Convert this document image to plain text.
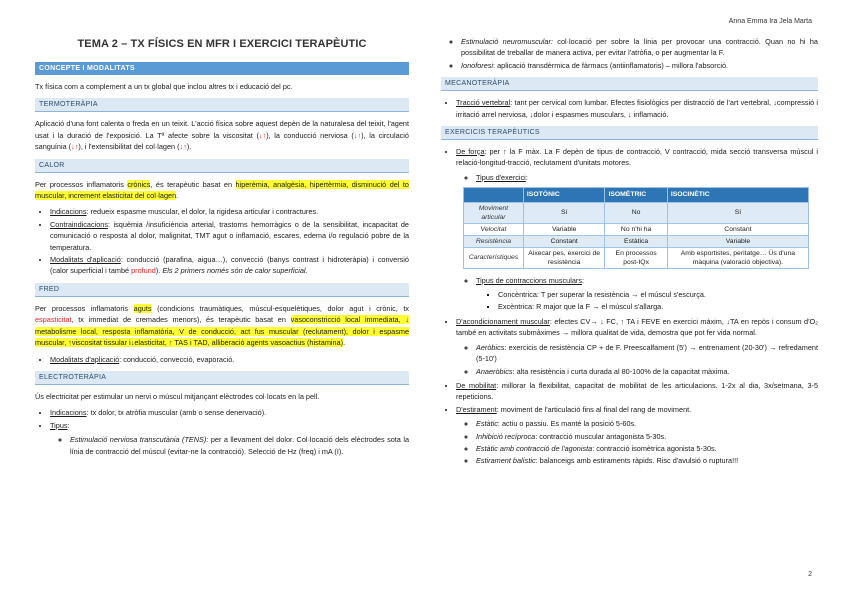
Anna Emma Ira Jela Marta
TEMA 2 – TX FÍSICS EN MFR I EXERCICI TERAPÈUTIC
CONCEPTE I MODALITATS

Tx física com a complement a un tx global que inclou altres tx i educació del pc.

TERMOTERÀPIA

Aplicació d'una font calenta o freda en un teixit. L'acció física sobre aquest depèn de la naturalesa del teixit, l'agent usat i la duració de l'exposició. La Tª afecte sobre la viscositat (↓↑), la conducció nerviosa (↓↑), la circulació sanguínia (↓↑), i l'extensibilitat del col·lagen (↓↑).

CALOR

Per processos inflamatoris crònics, és terapèutic basat en hiperèmia, analgèsia, hipertèrmia, disminució del to muscular, increment elasticitat del col·lagen.

• Indicacions: redueix espasme muscular, el dolor, la rigidesa articular i contractures.
• Contraindicacions: isquèmia /insuficiència arterial, trastorns hemorràgics o de la sensibilitat, incapacitat de comunicació o resposta al dolor, malignitat, TMT agut o inflamació, escares, edema i/o regulació pobre de la temperatura.
• Modalitats d'aplicació: conducció (parafina, aigua…), convecció (banys contrast i hidroteràpia) i conversió (calor superficial i també profund). Els 2 primers només són de calor superficial.
FRED

Per processos inflamatoris aguts (condicions traumàtiques, múscul-esquelètiques, dolor agut i crònic, tx espasticitat, tx immediat de cremades menors), és terapèutic basat en vasoconstricció local immediata, ↓ metabolisme local, resposta inflamatòria, V de conducció, act fus muscular (reclutament), dolor i espasme muscular, ↑viscositat tissular i↓elasticitat, ↑ TAS i TAD, alliberació agents vasoactius (histamina).

• Modalitats d'aplicació: conducció, convecció, evaporació.
ELECTROTERÀPIA

Ús electricitat per estimular un nervi o múscul mitjançant elèctrodes col·locats en la pell.

• Indicacions: tx dolor, tx atròfia muscular (amb o sense denervació).
• Tipus:
◦ Estimulació nerviosa transcutània (TENS): per a llevament del dolor. Col·locació dels elèctrodes sota la línia de contracció del múscul (evitar-ne la contracció). Selecció de Hz (freq) i mA (I).
◦ Estimulació neuromuscular: col·locació per sobre la línia per provocar una contracció. Quan no hi ha possibilitat de treballar de manera activa, per evitar l'atròfia, o per augmentar la F.
◦ Ionoforesi: aplicació transdèrmica de fàrmacs (antiinflamatoris) – millora l'absorció.
MECANOTERÀPIA
• Tracció vertebral: tant per cervical com lumbar. Efectes fisiològics per distracció de l'art vertebral, ↓compressió i irritació arrel nerviosa, ↓dolor i espasmes musculars, ↓ inflamació.
EXERCICIS TERAPÈUTICS
• De força: per ↑ la F màx. La F depèn de tipus de contracció, V contracció, mida secció transversa múscul i relació-longitud-tracció, reclutament d'unitats motores.
◦ Tipus d'exercici:
	ISOTÒNIC	ISOMÈTRIC	ISOCINÈTIC
Moviment articular	Sí	No	Sí
Velocitat	Variable	No n'hi ha	Constant
Resistència	Constant	Estàtica	Variable
Característiques	Aixecar pes, exercici de resistència	En processos post-IQx	Amb esportistes, peritatge… Ús d'una màquina (valoració objectiva).
◦ Tipus de contraccions musculars:
▪ Concèntrica: T per superar la resistència → el múscul s'escurça.
▪ Excèntrica: R major que la F → el múscul s'allarga.
• D'acondicionament muscular: efectes CV→ ↓ FC, ↑ TA i FEVE en exercici màxim, ↓TA en repòs i consum d'O₂ també en activitats submàximes → millora qualitat de vida, demostra que pot fer vida normal.
◦ Aeròbics: exercicis de resistència CP + de F. Preescalfament (5') → entrenament (20-30') → refredament (5-10')
◦ Anaeròbics: alta resistència i curta durada al 80-100% de la capacitat màxima.
• De mobilitat: millorar la flexibilitat, capacitat de mobilitat de les articulacions. 1-2x al dia, 3x/setmana, 3-5 repeticions.
• D'estirament: moviment de l'articulació fins al final del rang de moviment.
◦ Estàtic: actiu o passiu. Es manté la posició 5-60s.
◦ Inhibició recíproca: contracció muscular antagonista 5-30s.
◦ Estàtic amb contracció de l'agonista: contracció isomètrica agonista 5-30s.
◦ Estirament balístic: balanceigs amb estiraments ràpids. Risc d'avulsió o ruptura!!!
2
